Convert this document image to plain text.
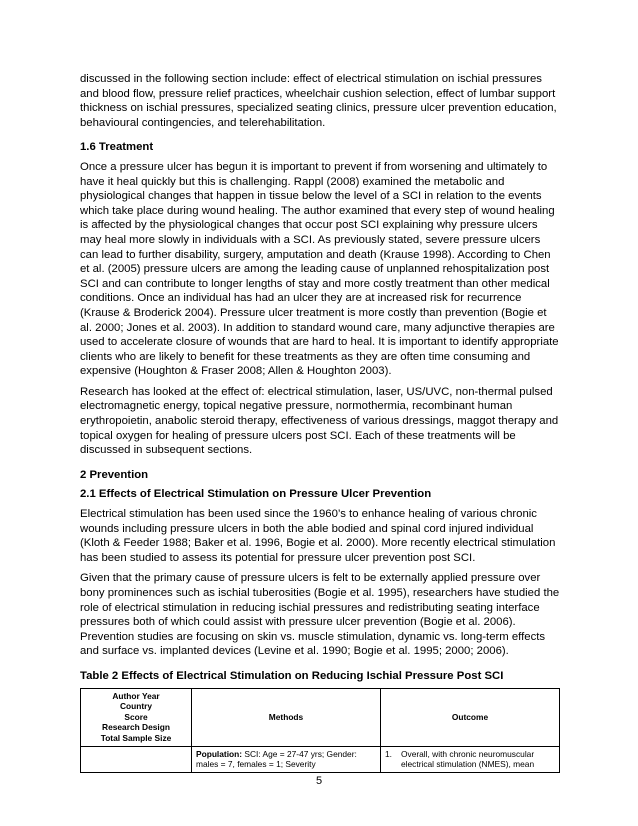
discussed in the following section include: effect of electrical stimulation on ischial pressures and blood flow, pressure relief practices, wheelchair cushion selection, effect of lumbar support thickness on ischial pressures, specialized seating clinics, pressure ulcer prevention education, behavioural contingencies, and telerehabilitation.

1.6 Treatment

Once a pressure ulcer has begun it is important to prevent if from worsening and ultimately to have it heal quickly but this is challenging. Rappl (2008) examined the metabolic and physiological changes that happen in tissue below the level of a SCI in relation to the events which take place during wound healing. The author examined that every step of wound healing is affected by the physiological changes that occur post SCI explaining why pressure ulcers may heal more slowly in individuals with a SCI. As previously stated, severe pressure ulcers can lead to further disability, surgery, amputation and death (Krause 1998). According to Chen et al. (2005) pressure ulcers are among the leading cause of unplanned rehospitalization post SCI and can contribute to longer lengths of stay and more costly treatment than other medical conditions. Once an individual has had an ulcer they are at increased risk for recurrence (Krause & Broderick 2004). Pressure ulcer treatment is more costly than prevention (Bogie et al. 2000; Jones et al. 2003). In addition to standard wound care, many adjunctive therapies are used to accelerate closure of wounds that are hard to heal. It is important to identify appropriate clients who are likely to benefit for these treatments as they are often time consuming and expensive (Houghton & Fraser 2008; Allen & Houghton 2003).

Research has looked at the effect of: electrical stimulation, laser, US/UVC, non-thermal pulsed electromagnetic energy, topical negative pressure, normothermia, recombinant human erythropoietin, anabolic steroid therapy, effectiveness of various dressings, maggot therapy and topical oxygen for healing of pressure ulcers post SCI. Each of these treatments will be discussed in subsequent sections.

2 Prevention

2.1 Effects of Electrical Stimulation on Pressure Ulcer Prevention

Electrical stimulation has been used since the 1960’s to enhance healing of various chronic wounds including pressure ulcers in both the able bodied and spinal cord injured individual (Kloth & Feeder 1988; Baker et al. 1996, Bogie et al. 2000). More recently electrical stimulation has been studied to assess its potential for pressure ulcer prevention post SCI.

Given that the primary cause of pressure ulcers is felt to be externally applied pressure over bony prominences such as ischial tuberosities (Bogie et al. 1995), researchers have studied the role of electrical stimulation in reducing ischial pressures and redistributing seating interface pressures both of which could assist with pressure ulcer prevention (Bogie et al. 2006). Prevention studies are focusing on skin vs. muscle stimulation, dynamic vs. long-term effects and surface vs. implanted devices (Levine et al. 1990; Bogie et al. 1995; 2000; 2006).

Table 2 Effects of Electrical Stimulation on Reducing Ischial Pressure Post SCI

Author Year
Country
Score
Research Design
Total Sample Size	Methods	Outcome
	Population: SCI: Age = 27-47 yrs; Gender: males = 7, females = 1; Severity	1. Overall, with chronic neuromuscular electrical stimulation (NMES), mean
5
